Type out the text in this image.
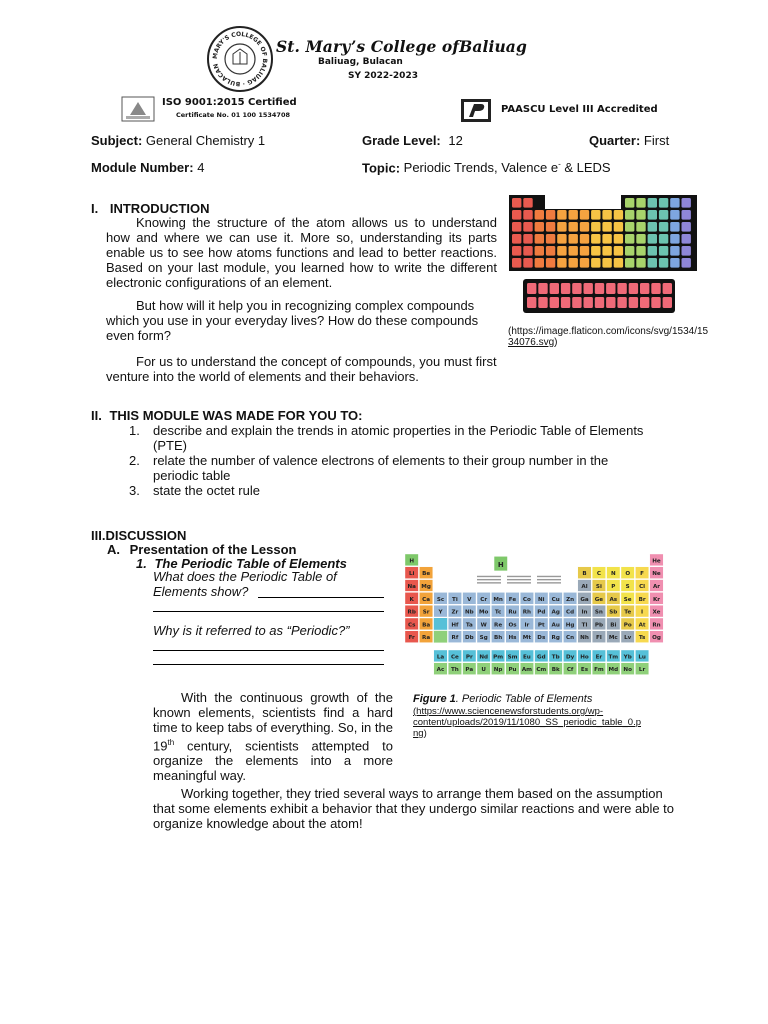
MARY'S COLLEGE OF BALIUAG · BULACAN
St. Mary’s College ofBaliuag
Baliuag, Bulacan
SY 2022-2023
ISO 9001:2015 Certified
Certificate No. 01 100 1534708	PAASCU Level III Accredited
Subject: General Chemistry 1	Grade Level: 12	Quarter: First
Module Number: 4	Topic: Periodic Trends, Valence e- & LEDS
I. INTRODUCTION
Knowing the structure of the atom allows us to understand how and where we can use it. More so, understanding its parts enable us to see how atoms functions and lead to better reactions. Based on your last module, you learned how to write the different electronic configurations of an element.
But how will it help you in recognizing complex compounds which you use in your everyday lives? How do these compounds even form?
For us to understand the concept of compounds, you must first venture into the world of elements and their behaviors.
(https://image.flaticon.com/icons/svg/1534/15
34076.svg)
II. THIS MODULE WAS MADE FOR YOU TO:
1. describe and explain the trends in atomic properties in the Periodic Table of Elements
(PTE)
2. relate the number of valence electrons of elements to their group number in the
periodic table
3. state the octet rule
III.DISCUSSION
A. Presentation of the Lesson
1. The Periodic Table of Elements
What does the Periodic Table of
Elements show?
Why is it referred to as “Periodic?”
With the continuous growth of the known elements, scientists find a hard time to keep tabs of everything. So, in the 19th century, scientists attempted to organize the elements into a more meaningful way.
Working together, they tried several ways to arrange them based on the assumption that some elements exhibit a behavior that they undergo similar reactions and were able to organize knowledge about the atom!
H	He
Li Be	B C N O F Ne
Na Mg	Al Si P S Cl Ar
K Ca Sc Ti V Cr Mn Fe Co Ni Cu Zn Ga Ge As Se Br Kr
Rb Sr Y Zr Nb Mo Tc Ru Rh Pd Ag Cd In Sn Sb Te I Xe
Cs Ba	Hf Ta W Re Os Ir Pt Au Hg Tl Pb Bi Po At Rn
Fr Ra	Rf Db Sg Bh Hs Mt Ds Rg Cn Nh Fl Mc Lv Ts Og
H
La Ce Pr Nd Pm Sm Eu Gd Tb Dy Ho Er Tm Yb Lu
Ac Th Pa U Np Pu Am Cm Bk Cf Es Fm Md No Lr
Figure 1. Periodic Table of Elements
(https://www.sciencenewsforstudents.org/wp-
content/uploads/2019/11/1080_SS_periodic_table_0.p
ng)
